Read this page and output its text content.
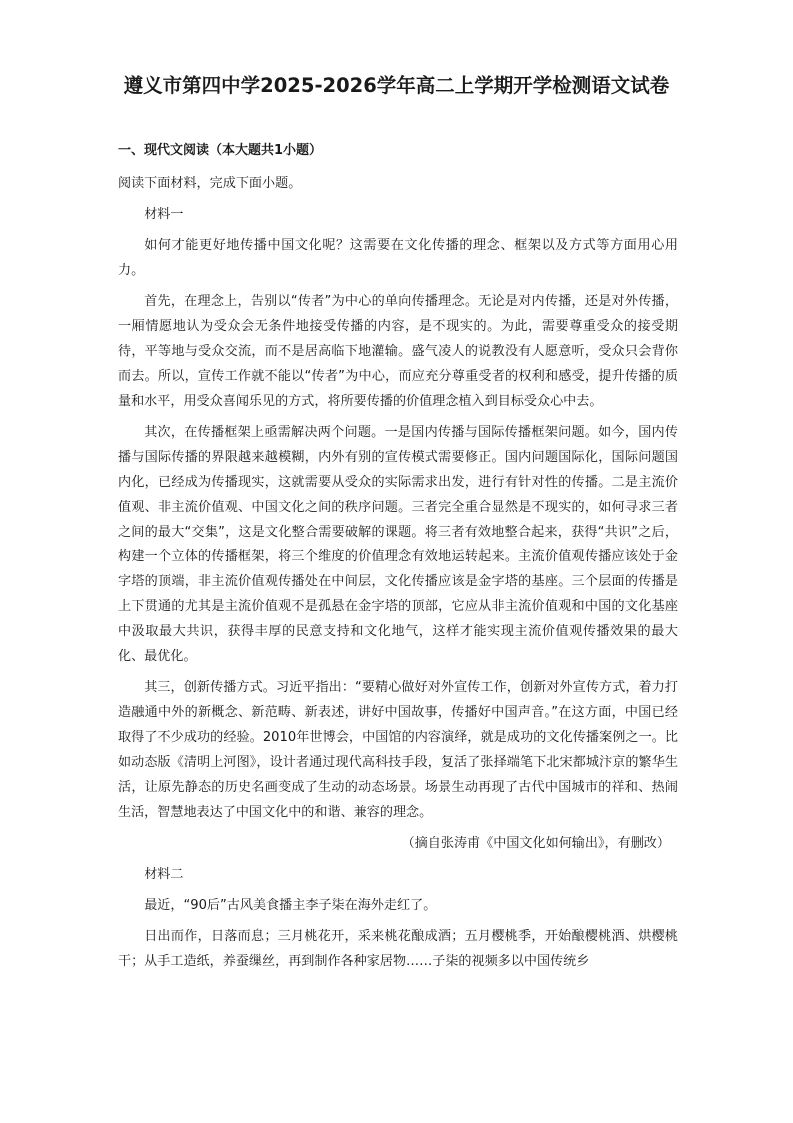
遵义市第四中学2025-2026学年高二上学期开学检测语文试卷
一、现代文阅读（本大题共1小题）

阅读下面材料，完成下面小题。

材料一

如何才能更好地传播中国文化呢？这需要在文化传播的理念、框架以及方式等方面用心用力。

首先，在理念上，告别以“传者”为中心的单向传播理念。无论是对内传播，还是对外传播，一厢情愿地认为受众会无条件地接受传播的内容，是不现实的。为此，需要尊重受众的接受期待，平等地与受众交流，而不是居高临下地灌输。盛气凌人的说教没有人愿意听，受众只会背你而去。所以，宣传工作就不能以“传者”为中心，而应充分尊重受者的权利和感受，提升传播的质量和水平，用受众喜闻乐见的方式，将所要传播的价值理念植入到目标受众心中去。

其次，在传播框架上亟需解决两个问题。一是国内传播与国际传播框架问题。如今，国内传播与国际传播的界限越来越模糊，内外有别的宣传模式需要修正。国内问题国际化，国际问题国内化，已经成为传播现实，这就需要从受众的实际需求出发，进行有针对性的传播。二是主流价值观、非主流价值观、中国文化之间的秩序问题。三者完全重合显然是不现实的，如何寻求三者之间的最大“交集”，这是文化整合需要破解的课题。将三者有效地整合起来，获得“共识”之后，构建一个立体的传播框架，将三个维度的价值理念有效地运转起来。主流价值观传播应该处于金字塔的顶端，非主流价值观传播处在中间层，文化传播应该是金字塔的基座。三个层面的传播是上下贯通的尤其是主流价值观不是孤悬在金字塔的顶部，它应从非主流价值观和中国的文化基座中汲取最大共识，获得丰厚的民意支持和文化地气，这样才能实现主流价值观传播效果的最大化、最优化。

其三，创新传播方式。习近平指出：“要精心做好对外宣传工作，创新对外宣传方式，着力打造融通中外的新概念、新范畴、新表述，讲好中国故事，传播好中国声音。”在这方面，中国已经取得了不少成功的经验。2010年世博会，中国馆的内容演绎，就是成功的文化传播案例之一。比如动态版《清明上河图》，设计者通过现代高科技手段，复活了张择端笔下北宋都城汴京的繁华生活，让原先静态的历史名画变成了生动的动态场景。场景生动再现了古代中国城市的祥和、热闹生活，智慧地表达了中国文化中的和谐、兼容的理念。

（摘自张涛甫《中国文化如何输出》，有删改）

材料二

最近，“90后”古风美食播主李子柒在海外走红了。

日出而作，日落而息；三月桃花开，采来桃花酿成酒；五月樱桃季，开始酿樱桃酒、烘樱桃干；从手工造纸，养蚕缫丝，再到制作各种家居物……子柒的视频多以中国传统乡
